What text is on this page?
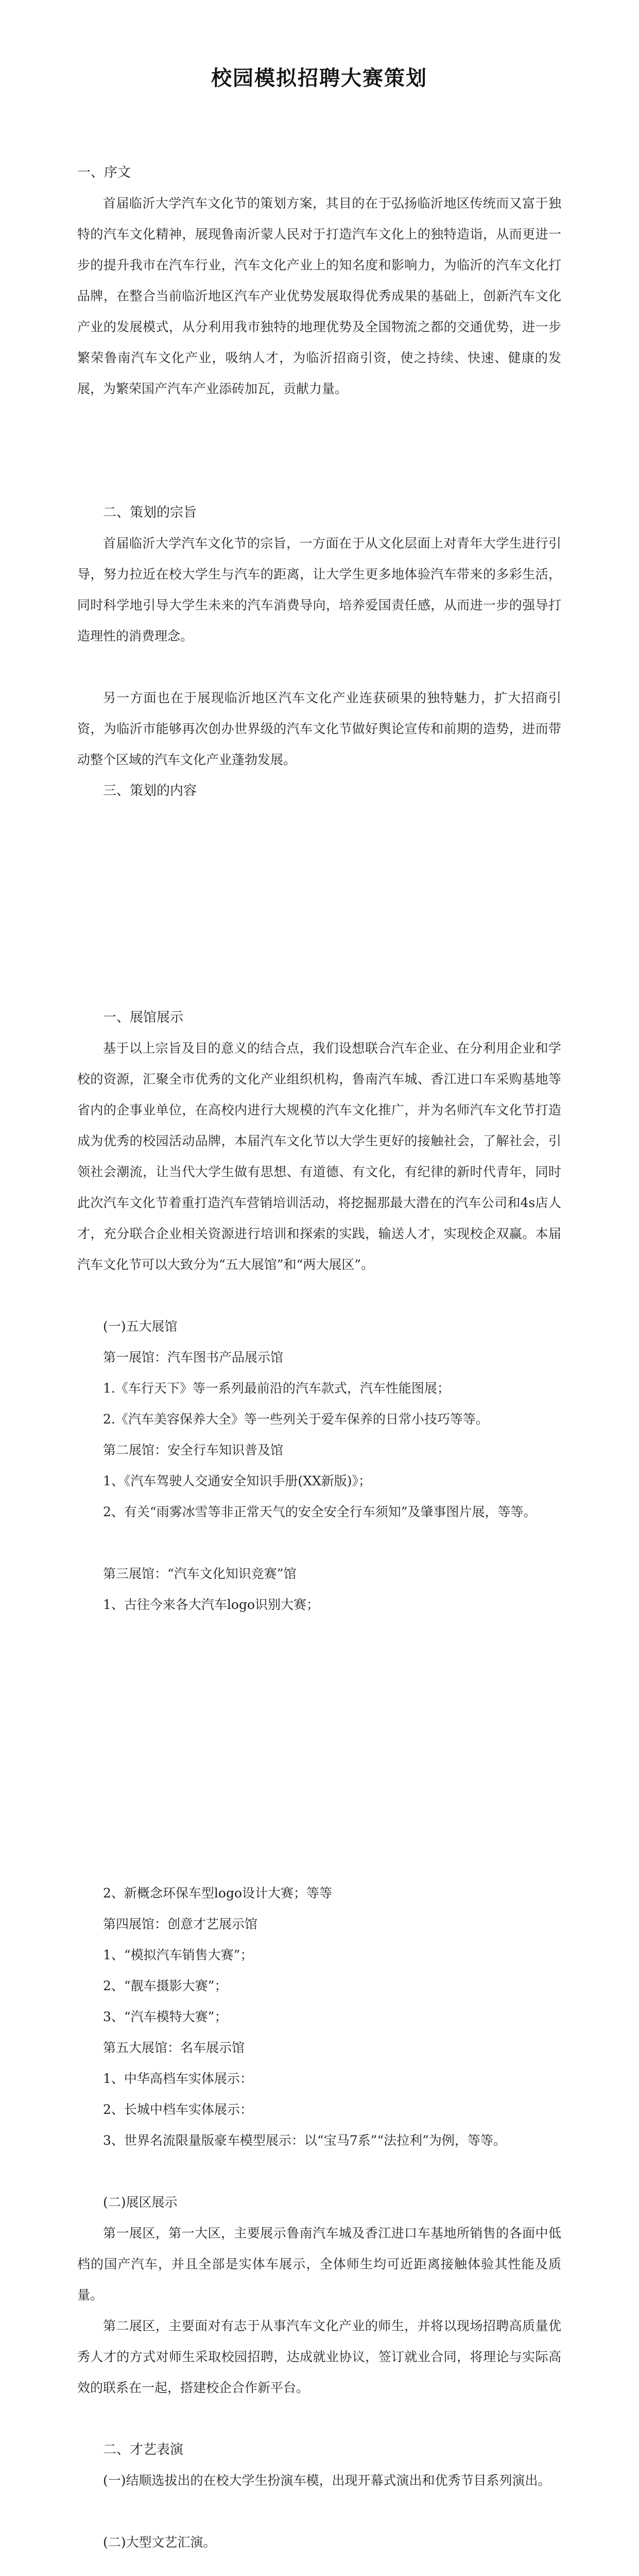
校园模拟招聘大赛策划

一、序文

首届临沂大学汽车文化节的策划方案，其目的在于弘扬临沂地区传统而又富于独特的汽车文化精神，展现鲁南沂蒙人民对于打造汽车文化上的独特造诣，从而更进一步的提升我市在汽车行业，汽车文化产业上的知名度和影响力，为临沂的汽车文化打品牌，在整合当前临沂地区汽车产业优势发展取得优秀成果的基础上，创新汽车文化产业的发展模式，从分利用我市独特的地理优势及全国物流之都的交通优势，进一步繁荣鲁南汽车文化产业，吸纳人才，为临沂招商引资，使之持续、快速、健康的发展，为繁荣国产汽车产业添砖加瓦，贡献力量。

二、策划的宗旨

首届临沂大学汽车文化节的宗旨，一方面在于从文化层面上对青年大学生进行引导，努力拉近在校大学生与汽车的距离，让大学生更多地体验汽车带来的多彩生活，同时科学地引导大学生未来的汽车消费导向，培养爱国责任感，从而进一步的强导打造理性的消费理念。

另一方面也在于展现临沂地区汽车文化产业连获硕果的独特魅力，扩大招商引资，为临沂市能够再次创办世界级的汽车文化节做好舆论宣传和前期的造势，进而带动整个区域的汽车文化产业蓬勃发展。

三、策划的内容

一、展馆展示

基于以上宗旨及目的意义的结合点，我们设想联合汽车企业、在分利用企业和学校的资源，汇聚全市优秀的文化产业组织机构，鲁南汽车城、香江进口车采购基地等省内的企事业单位，在高校内进行大规模的汽车文化推广，并为名师汽车文化节打造成为优秀的校园活动品牌，本届汽车文化节以大学生更好的接触社会，了解社会，引领社会潮流，让当代大学生做有思想、有道德、有文化，有纪律的新时代青年，同时此次汽车文化节着重打造汽车营销培训活动，将挖掘那最大潜在的汽车公司和4s店人才，充分联合企业相关资源进行培训和探索的实践，输送人才，实现校企双赢。本届汽车文化节可以大致分为“五大展馆”和“两大展区”。

(一)五大展馆

第一展馆：汽车图书产品展示馆

1.《车行天下》等一系列最前沿的汽车款式，汽车性能图展；

2.《汽车美容保养大全》等一些列关于爱车保养的日常小技巧等等。

第二展馆：安全行车知识普及馆

1、《汽车驾驶人交通安全知识手册(XX新版)》；

2、有关“雨雾冰雪等非正常天气的安全安全行车须知”及肇事图片展，等等。

第三展馆：“汽车文化知识竞赛”馆

1、古往今来各大汽车logo识别大赛；

2、新概念环保车型logo设计大赛；等等

第四展馆：创意才艺展示馆

1、“模拟汽车销售大赛”；

2、“靓车摄影大赛”；

3、“汽车模特大赛”；

第五大展馆：名车展示馆

1、中华高档车实体展示：

2、长城中档车实体展示：

3、世界名流限量版豪车模型展示：以“宝马7系”“法拉利”为例，等等。

(二)展区展示

第一展区，第一大区，主要展示鲁南汽车城及香江进口车基地所销售的各面中低档的国产汽车，并且全部是实体车展示，全体师生均可近距离接触体验其性能及质量。

第二展区，主要面对有志于从事汽车文化产业的师生，并将以现场招聘高质量优秀人才的方式对师生采取校园招聘，达成就业协议，签订就业合同，将理论与实际高效的联系在一起，搭建校企合作新平台。

二、才艺表演

(一)结顺选拔出的在校大学生扮演车模，出现开幕式演出和优秀节目系列演出。

(二)大型文艺汇演。
